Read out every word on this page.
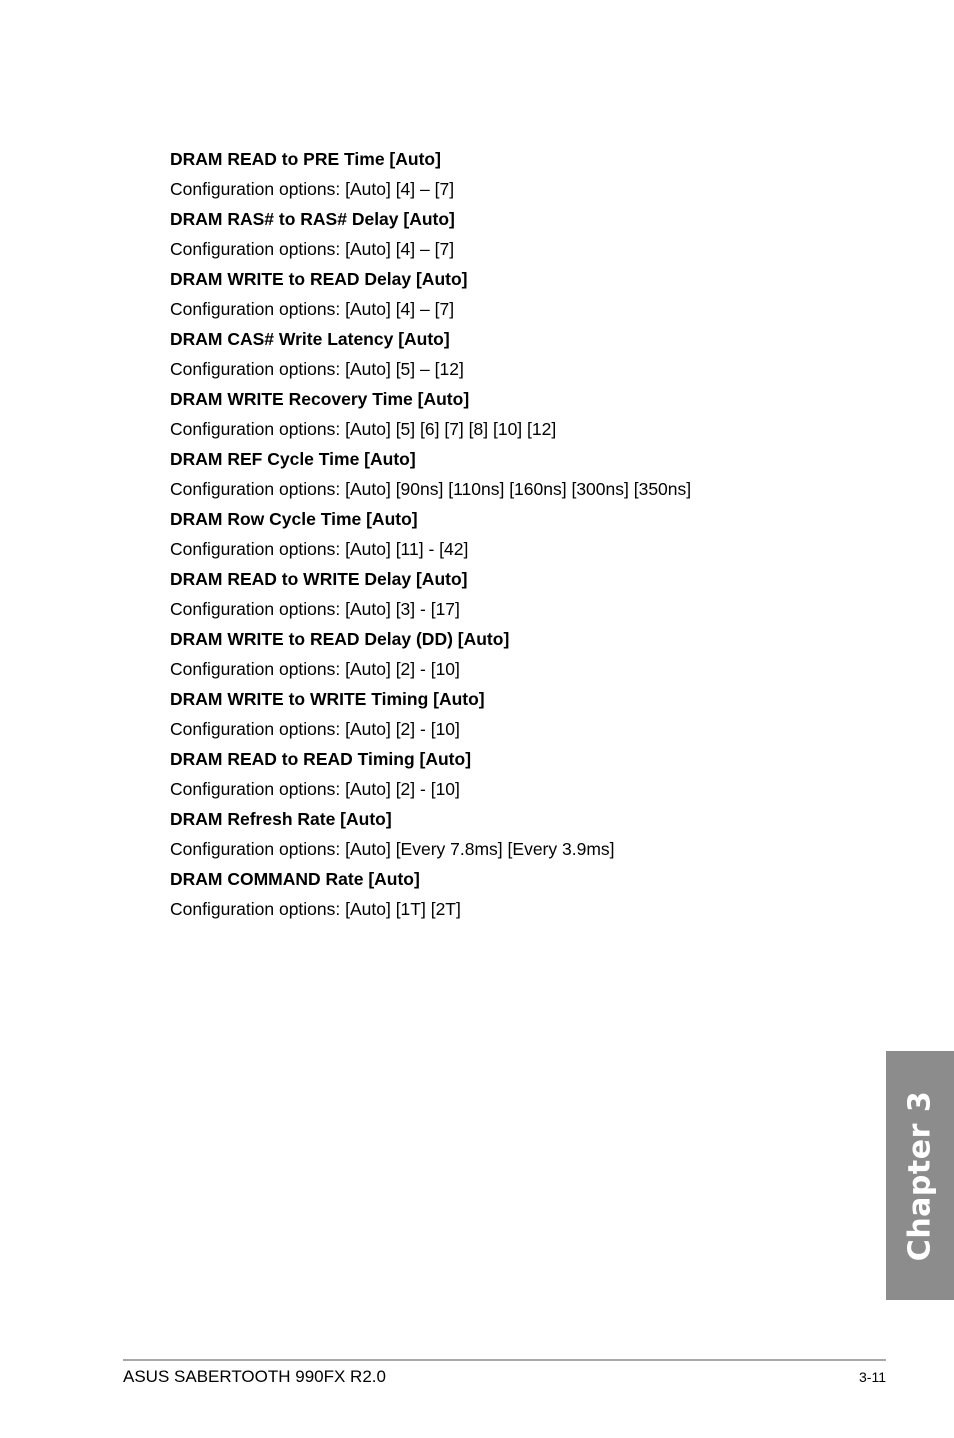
DRAM READ to PRE Time [Auto]
Configuration options: [Auto] [4] – [7]
DRAM RAS# to RAS# Delay [Auto]
Configuration options: [Auto] [4] – [7]
DRAM WRITE to READ Delay [Auto]
Configuration options: [Auto] [4] – [7]
DRAM CAS# Write Latency [Auto]
Configuration options: [Auto] [5] – [12]
DRAM WRITE Recovery Time [Auto]
Configuration options: [Auto] [5] [6] [7] [8] [10] [12]
DRAM REF Cycle Time [Auto]
Configuration options: [Auto] [90ns] [110ns] [160ns] [300ns] [350ns]
DRAM Row Cycle Time [Auto]
Configuration options: [Auto] [11] - [42]
DRAM READ to WRITE Delay [Auto]
Configuration options: [Auto] [3] - [17]
DRAM WRITE to READ Delay (DD) [Auto]
Configuration options: [Auto] [2] - [10]
DRAM WRITE to WRITE Timing [Auto]
Configuration options: [Auto] [2] - [10]
DRAM READ to READ Timing [Auto]
Configuration options: [Auto] [2] - [10]
DRAM Refresh Rate [Auto]
Configuration options: [Auto] [Every 7.8ms] [Every 3.9ms]
DRAM COMMAND Rate [Auto]
Configuration options: [Auto] [1T] [2T]
Chapter 3
ASUS SABERTOOTH 990FX R2.0	3-11
